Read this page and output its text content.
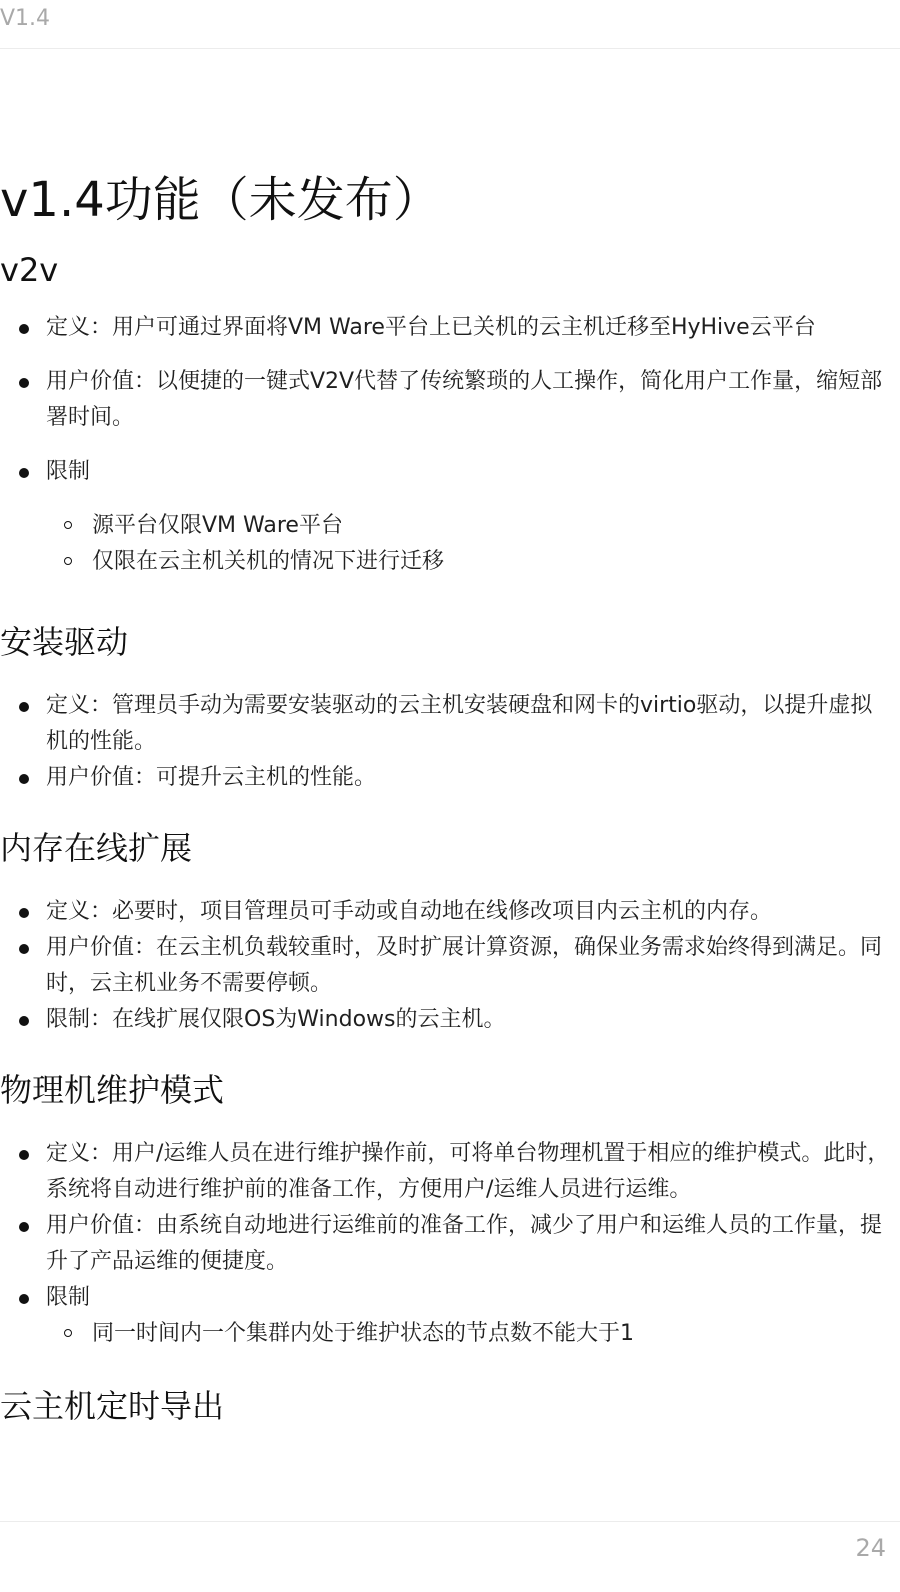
V1.4
v1.4功能（未发布）
v2v
定义：用户可通过界面将VM Ware平台上已关机的云主机迁移至HyHive云平台
用户价值：以便捷的一键式V2V代替了传统繁琐的人工操作，简化用户工作量，缩短部署时间。
限制
源平台仅限VM Ware平台
仅限在云主机关机的情况下进行迁移
安装驱动
定义：管理员手动为需要安装驱动的云主机安装硬盘和网卡的virtio驱动，以提升虚拟机的性能。
用户价值：可提升云主机的性能。
内存在线扩展
定义：必要时，项目管理员可手动或自动地在线修改项目内云主机的内存。
用户价值：在云主机负载较重时，及时扩展计算资源，确保业务需求始终得到满足。同时，云主机业务不需要停顿。
限制：在线扩展仅限OS为Windows的云主机。
物理机维护模式
定义：用户/运维人员在进行维护操作前，可将单台物理机置于相应的维护模式。此时，系统将自动进行维护前的准备工作，方便用户/运维人员进行运维。
用户价值：由系统自动地进行运维前的准备工作，减少了用户和运维人员的工作量，提升了产品运维的便捷度。
限制
同一时间内一个集群内处于维护状态的节点数不能大于1
云主机定时导出
24
